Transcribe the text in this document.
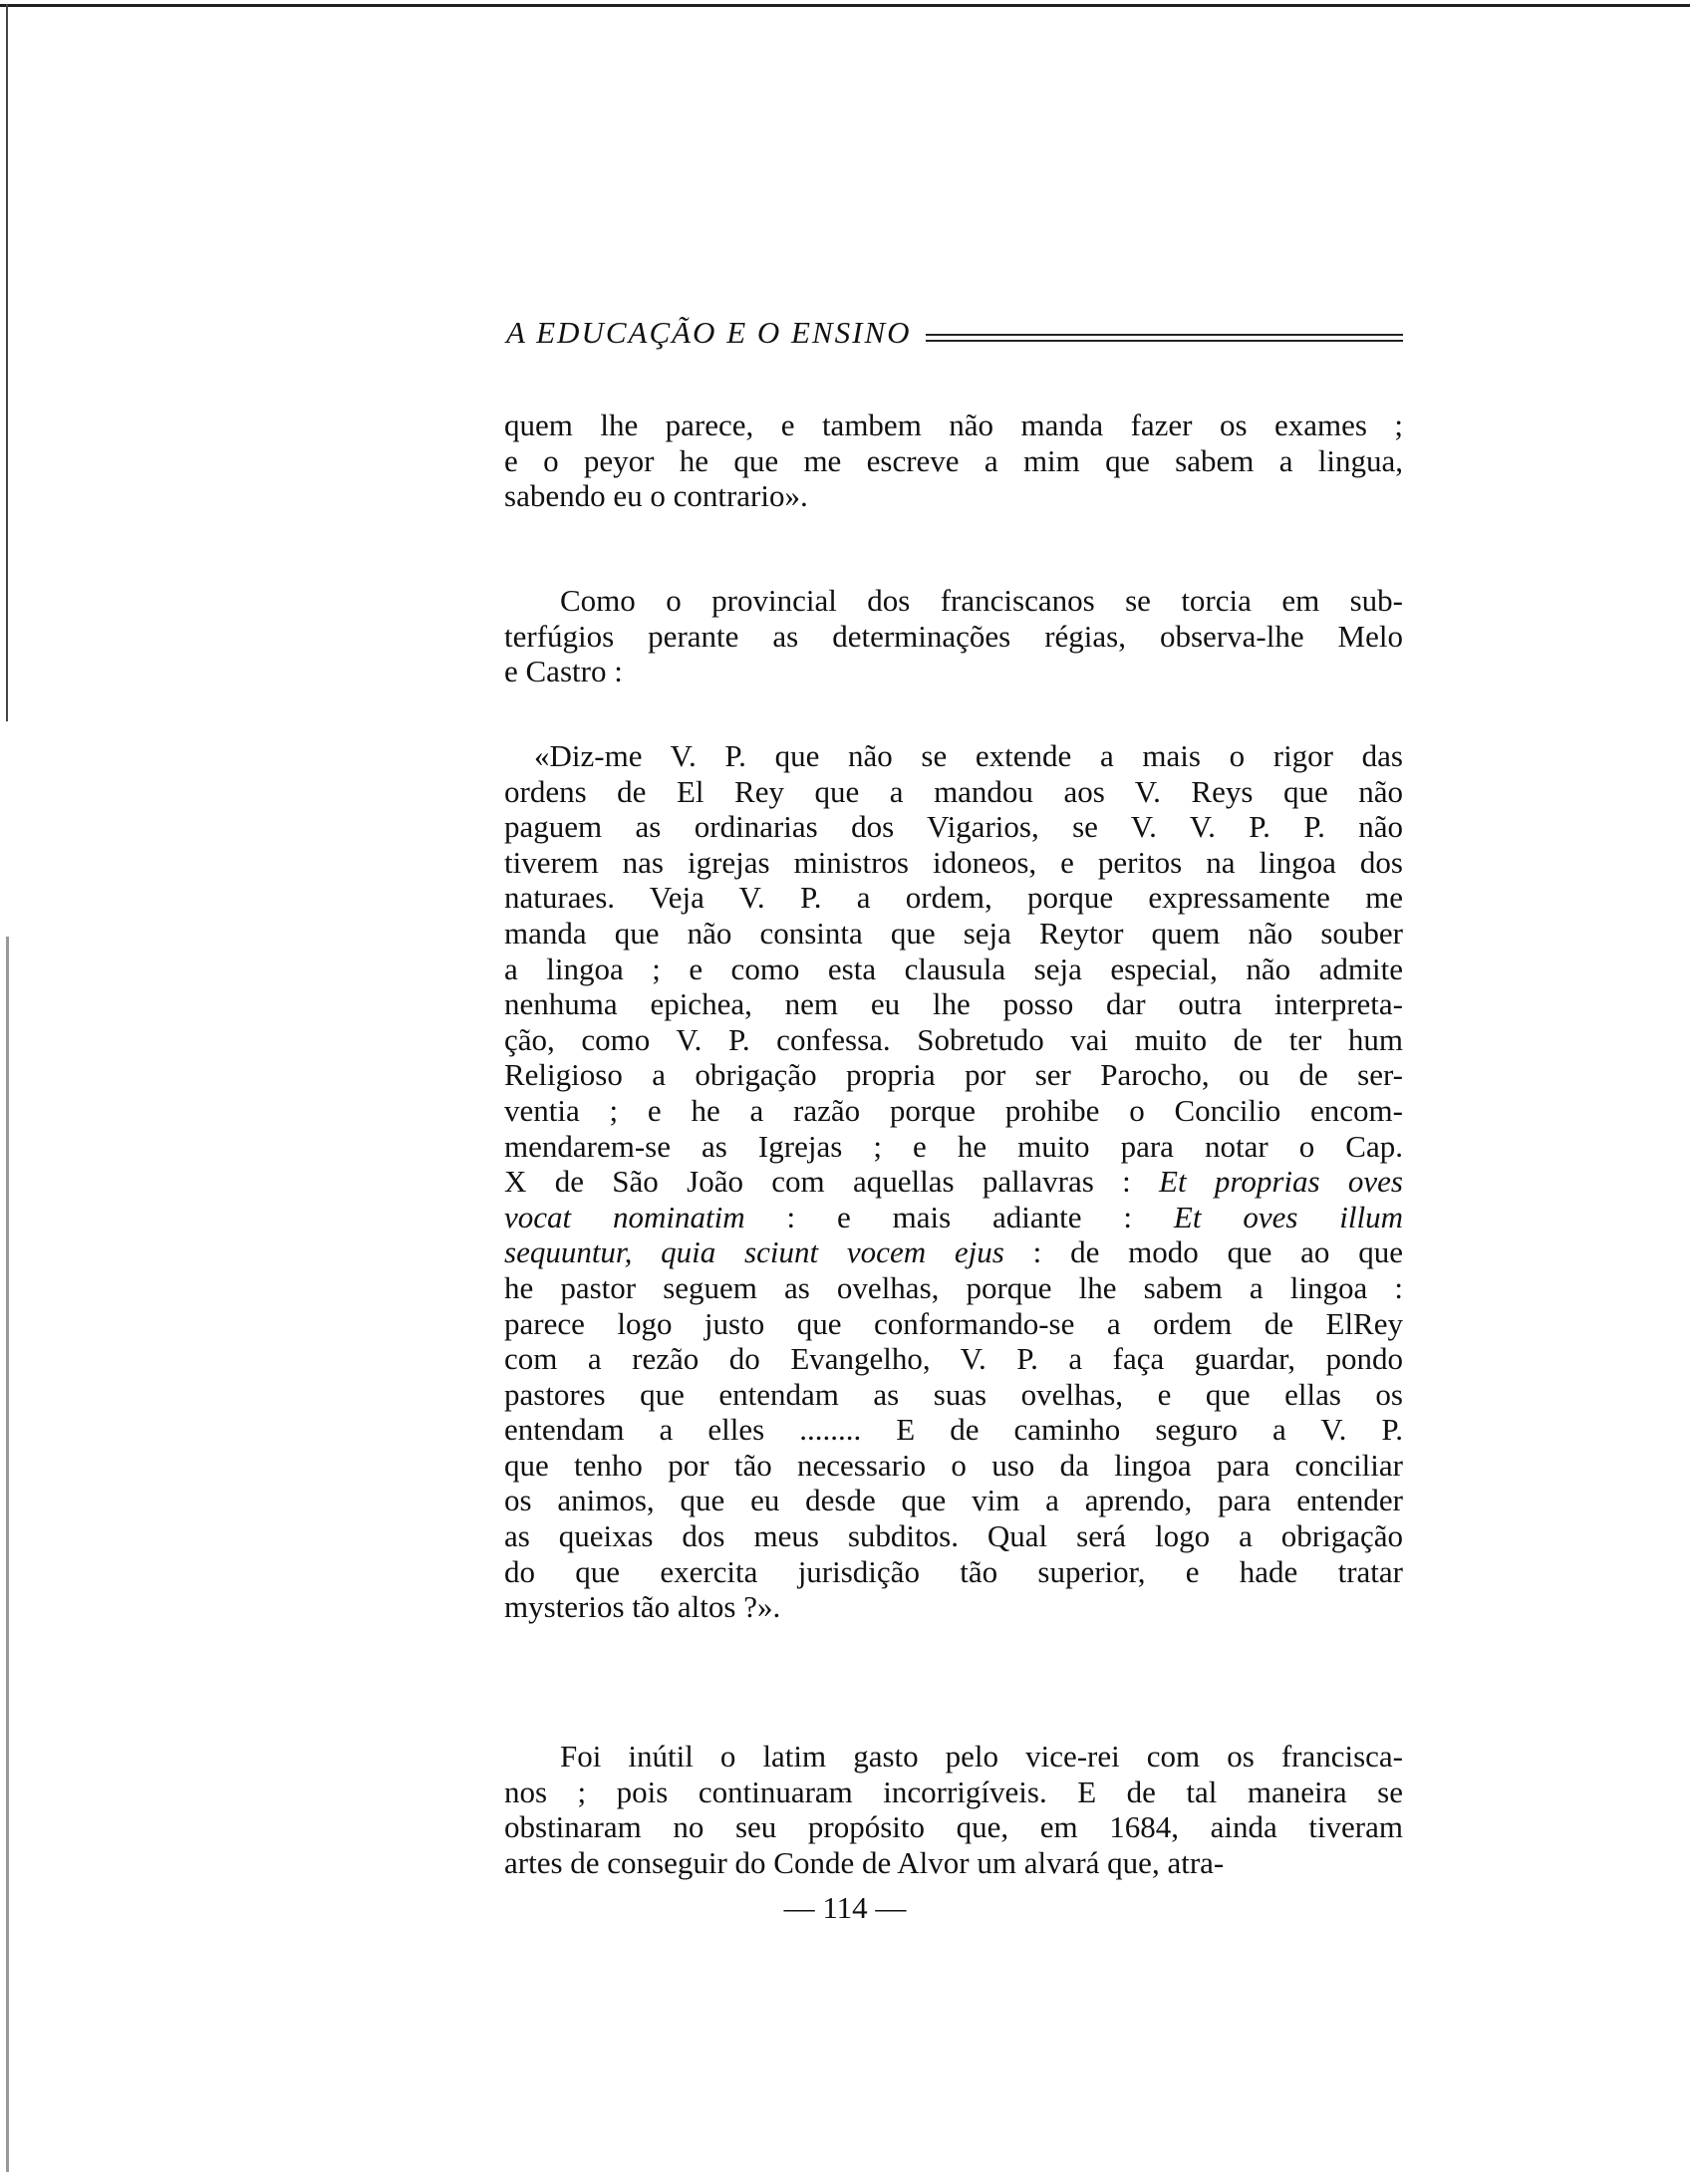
A EDUCAÇÃO E O ENSINO
quem lhe parece, e tambem não manda fazer os exames ;
e o peyor he que me escreve a mim que sabem a lingua,
sabendo eu o contrario».
Como o provincial dos franciscanos se torcia em sub-
terfúgios perante as determinações régias, observa-lhe Melo
e Castro :
«Diz-me V. P. que não se extende a mais o rigor das
ordens de El Rey que a mandou aos V. Reys que não
paguem as ordinarias dos Vigarios, se V. V. P. P. não
tiverem nas igrejas ministros idoneos, e peritos na lingoa dos
naturaes. Veja V. P. a ordem, porque expressamente me
manda que não consinta que seja Reytor quem não souber
a lingoa ; e como esta clausula seja especial, não admite
nenhuma epichea, nem eu lhe posso dar outra interpreta-
ção, como V. P. confessa. Sobretudo vai muito de ter hum
Religioso a obrigação propria por ser Parocho, ou de ser-
ventia ; e he a razão porque prohibe o Concilio encom-
mendarem-se as Igrejas ; e he muito para notar o Cap.
X de São João com aquellas pallavras : Et proprias oves
vocat nominatim : e mais adiante : Et oves illum
sequuntur, quia sciunt vocem ejus : de modo que ao que
he pastor seguem as ovelhas, porque lhe sabem a lingoa :
parece logo justo que conformando-se a ordem de ElRey
com a rezão do Evangelho, V. P. a faça guardar, pondo
pastores que entendam as suas ovelhas, e que ellas os
entendam a elles ........ E de caminho seguro a V. P.
que tenho por tão necessario o uso da lingoa para conciliar
os animos, que eu desde que vim a aprendo, para entender
as queixas dos meus subditos. Qual será logo a obrigação
do que exercita jurisdição tão superior, e hade tratar
mysterios tão altos ?».
Foi inútil o latim gasto pelo vice-rei com os francisca-
nos ; pois continuaram incorrigíveis. E de tal maneira se
obstinaram no seu propósito que, em 1684, ainda tiveram
artes de conseguir do Conde de Alvor um alvará que, atra-
— 114 —
